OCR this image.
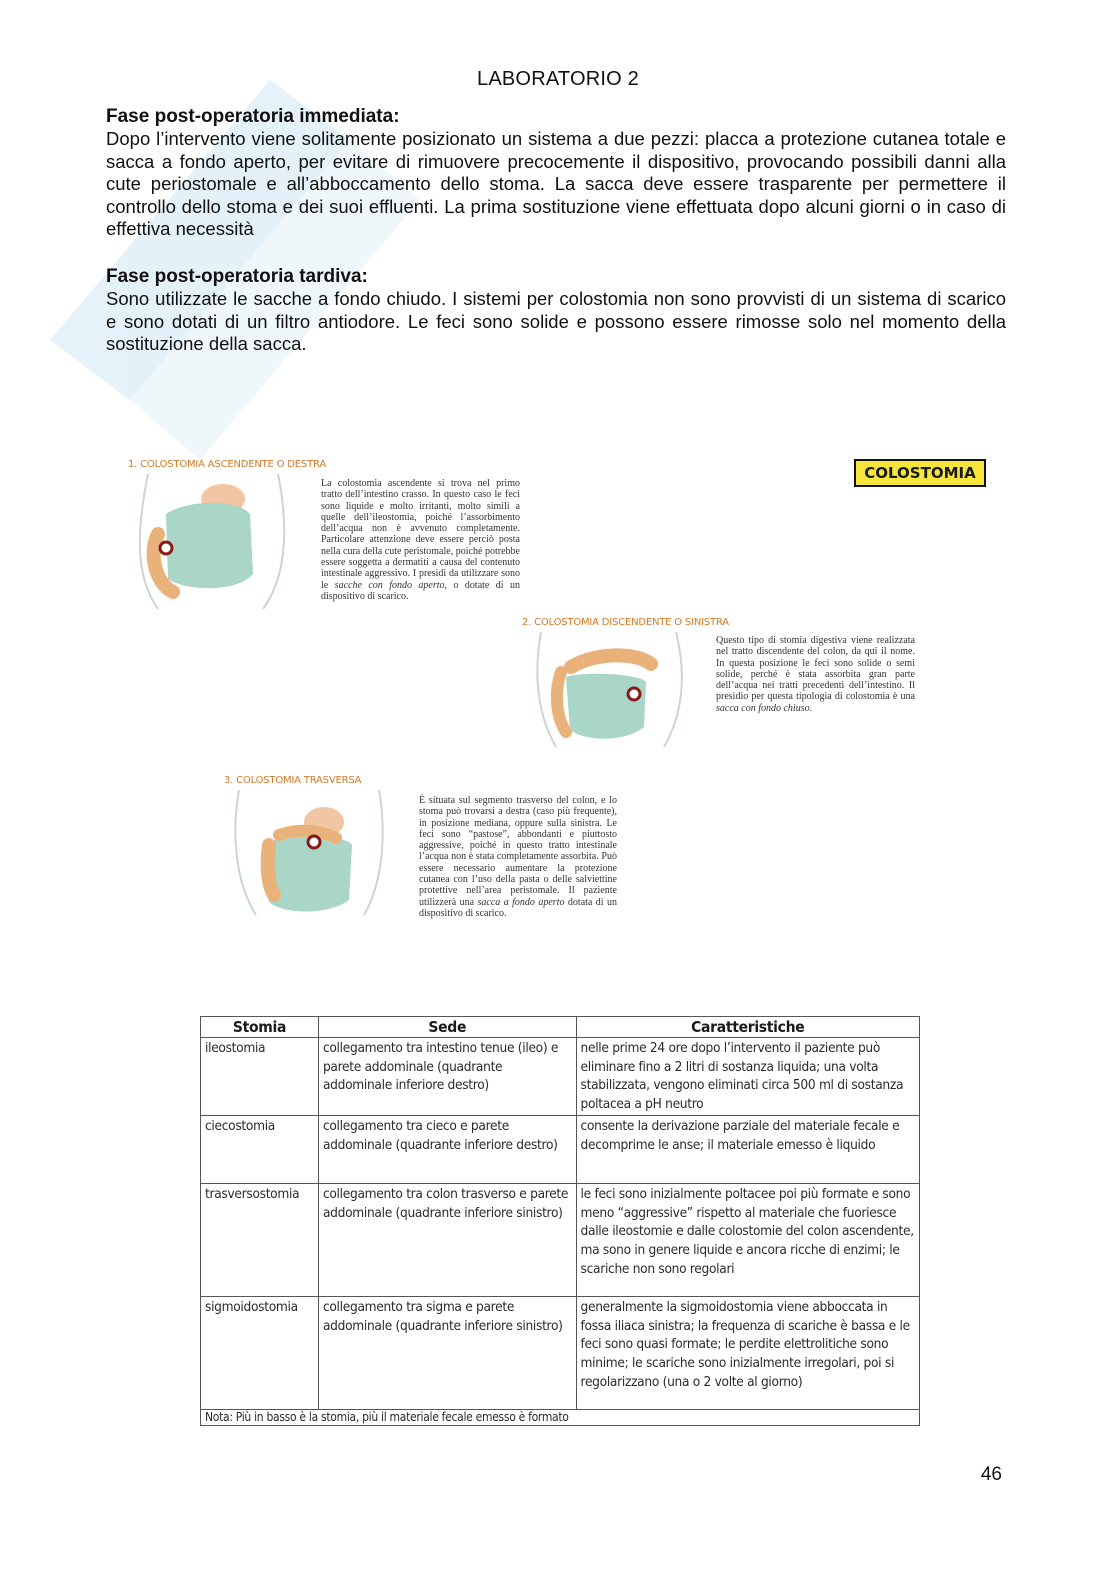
LABORATORIO 2
Fase post-operatoria immediata:

Dopo l’intervento viene solitamente posizionato un sistema a due pezzi: placca a protezione cutanea totale e sacca a fondo aperto, per evitare di rimuovere precocemente il dispositivo, provocando possibili danni alla cute periostomale e all’abboccamento dello stoma. La sacca deve essere trasparente per permettere il controllo dello stoma e dei suoi effluenti. La prima sostituzione viene effettuata dopo alcuni giorni o in caso di effettiva necessità

Fase post-operatoria tardiva:

Sono utilizzate le sacche a fondo chiudo. I sistemi per colostomia non sono provvisti di un sistema di scarico e sono dotati di un filtro antiodore. Le feci sono solide e possono essere rimosse solo nel momento della sostituzione della sacca.

COLOSTOMIA
1. COLOSTOMIA ASCENDENTE O DESTRA
La colostomia ascendente si trova nel primo tratto dell’intestino crasso. In questo caso le feci sono liquide e molto irritanti, molto simili a quelle dell’ileostomia, poiché l’assorbimento dell’acqua non è avvenuto completamente. Particolare attenzione deve essere perciò posta nella cura della cute peristomale, poiché potrebbe essere soggetta a dermatiti a causa del contenuto intestinale aggressivo. I presidi da utilizzare sono le sacche con fondo aperto, o dotate di un dispositivo di scarico.
2. COLOSTOMIA DISCENDENTE O SINISTRA
Questo tipo di stomia digestiva viene realizzata nel tratto discendente del colon, da qui il nome. In questa posizione le feci sono solide o semi solide, perché è stata assorbita gran parte dell’acqua nei tratti precedenti dell’intestino. Il presidio per questa tipologia di colostomia è una sacca con fondo chiuso.
3. COLOSTOMIA TRASVERSA
È situata sul segmento trasverso del colon, e lo stoma può trovarsi a destra (caso più frequente), in posizione mediana, oppure sulla sinistra. Le feci sono “pastose”, abbondanti e piuttosto aggressive, poiché in questo tratto intestinale l’acqua non è stata completamente assorbita. Può essere necessario aumentare la protezione cutanea con l’uso della pasta o delle salviettine protettive nell’area peristomale. Il paziente utilizzerà una sacca a fondo aperto dotata di un dispositivo di scarico.
Stomia	Sede	Caratteristiche
ileostomia	collegamento tra intestino tenue (ileo) e parete addominale (quadrante addominale inferiore destro)	nelle prime 24 ore dopo l’intervento il paziente può eliminare fino a 2 litri di sostanza liquida; una volta stabilizzata, vengono eliminati circa 500 ml di sostanza poltacea a pH neutro
ciecostomia	collegamento tra cieco e parete addominale (quadrante inferiore destro)	consente la derivazione parziale del materiale fecale e decomprime le anse; il materiale emesso è liquido
trasversostomia	collegamento tra colon trasverso e parete addominale (quadrante inferiore sinistro)	le feci sono inizialmente poltacee poi più formate e sono meno “aggressive” rispetto al materiale che fuoriesce dalle ileostomie e dalle colostomie del colon ascendente, ma sono in genere liquide e ancora ricche di enzimi; le scariche non sono regolari
sigmoidostomia	collegamento tra sigma e parete addominale (quadrante inferiore sinistro)	generalmente la sigmoidostomia viene abboccata in fossa iliaca sinistra; la frequenza di scariche è bassa e le feci sono quasi formate; le perdite elettrolitiche sono minime; le scariche sono inizialmente irregolari, poi si regolarizzano (una o 2 volte al giorno)
Nota: Più in basso è la stomia, più il materiale fecale emesso è formato		
46
